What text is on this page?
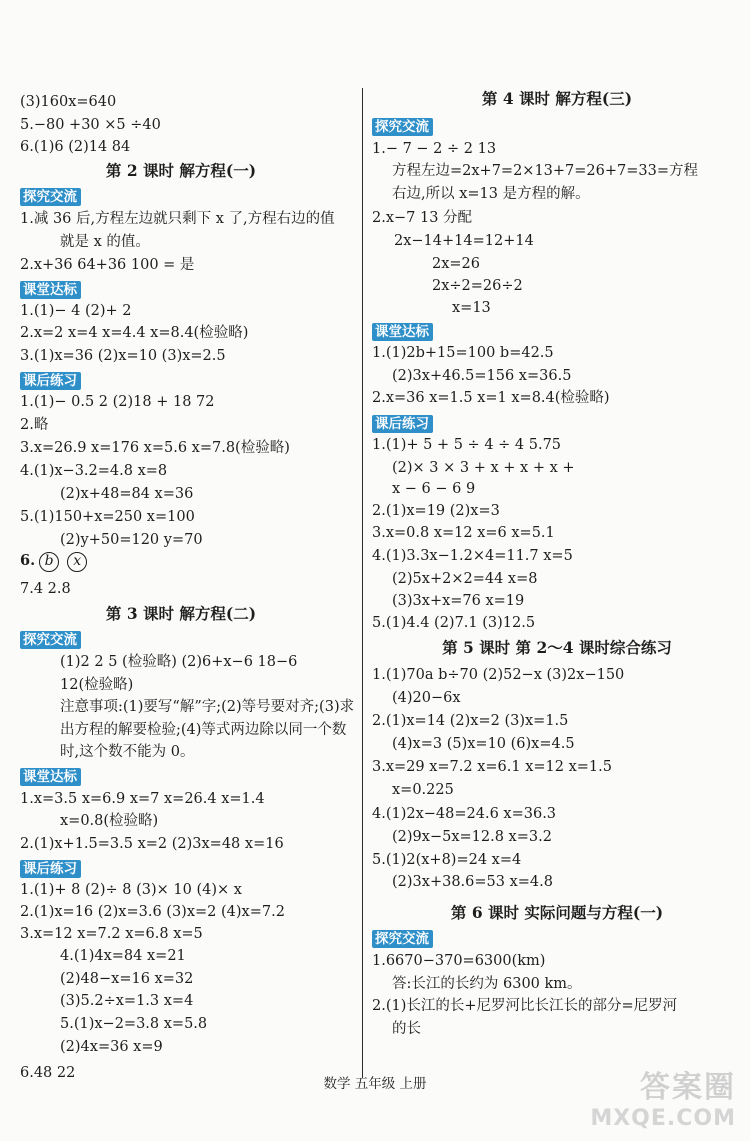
(3)160x=640
5.−80 +30 ×5 ÷40
6.(1)6 (2)14 84
第 2 课时 解方程(一)
探究交流
1.减 36 后,方程左边就只剩下 x 了,方程右边的值
就是 x 的值。
2.x+36 64+36 100 = 是
课堂达标
1.(1)− 4 (2)+ 2
2.x=2 x=4 x=4.4 x=8.4(检验略)
3.(1)x=36 (2)x=10 (3)x=2.5
课后练习
1.(1)− 0.5 2 (2)18 + 18 72
2.略
3.x=26.9 x=176 x=5.6 x=7.8(检验略)
4.(1)x−3.2=4.8 x=8
(2)x+48=84 x=36
5.(1)150+x=250 x=100
(2)y+50=120 y=70
6. b x
7.4 2.8
第 3 课时 解方程(二)
探究交流
(1)2 2 5 (检验略) (2)6+x−6 18−6
12(检验略)
注意事项:(1)要写“解”字;(2)等号要对齐;(3)求
出方程的解要检验;(4)等式两边除以同一个数
时,这个数不能为 0。
课堂达标
1.x=3.5 x=6.9 x=7 x=26.4 x=1.4
x=0.8(检验略)
2.(1)x+1.5=3.5 x=2 (2)3x=48 x=16
课后练习
1.(1)+ 8 (2)÷ 8 (3)× 10 (4)× x
2.(1)x=16 (2)x=3.6 (3)x=2 (4)x=7.2
3.x=12 x=7.2 x=6.8 x=5
4.(1)4x=84 x=21
(2)48−x=16 x=32
(3)5.2÷x=1.3 x=4
5.(1)x−2=3.8 x=5.8
(2)4x=36 x=9
6.48 22
第 4 课时 解方程(三)
探究交流
1.− 7 − 2 ÷ 2 13
方程左边=2x+7=2×13+7=26+7=33=方程
右边,所以 x=13 是方程的解。
2.x−7 13 分配
2x−14+14=12+14
2x=26
2x÷2=26÷2
x=13
课堂达标
1.(1)2b+15=100 b=42.5
(2)3x+46.5=156 x=36.5
2.x=36 x=1.5 x=1 x=8.4(检验略)
课后练习
1.(1)+ 5 + 5 ÷ 4 ÷ 4 5.75
(2)× 3 × 3 + x + x + x +
x − 6 − 6 9
2.(1)x=19 (2)x=3
3.x=0.8 x=12 x=6 x=5.1
4.(1)3.3x−1.2×4=11.7 x=5
(2)5x+2×2=44 x=8
(3)3x+x=76 x=19
5.(1)4.4 (2)7.1 (3)12.5
第 5 课时 第 2～4 课时综合练习
1.(1)70a b÷70 (2)52−x (3)2x−150
(4)20−6x
2.(1)x=14 (2)x=2 (3)x=1.5
(4)x=3 (5)x=10 (6)x=4.5
3.x=29 x=7.2 x=6.1 x=12 x=1.5
x=0.225
4.(1)2x−48=24.6 x=36.3
(2)9x−5x=12.8 x=3.2
5.(1)2(x+8)=24 x=4
(2)3x+38.6=53 x=4.8
第 6 课时 实际问题与方程(一)
探究交流
1.6670−370=6300(km)
答:长江的长约为 6300 km。
2.(1)长江的长+尼罗河比长江长的部分=尼罗河
的长
数学 五年级 上册	答案圈
MXQE.COM
